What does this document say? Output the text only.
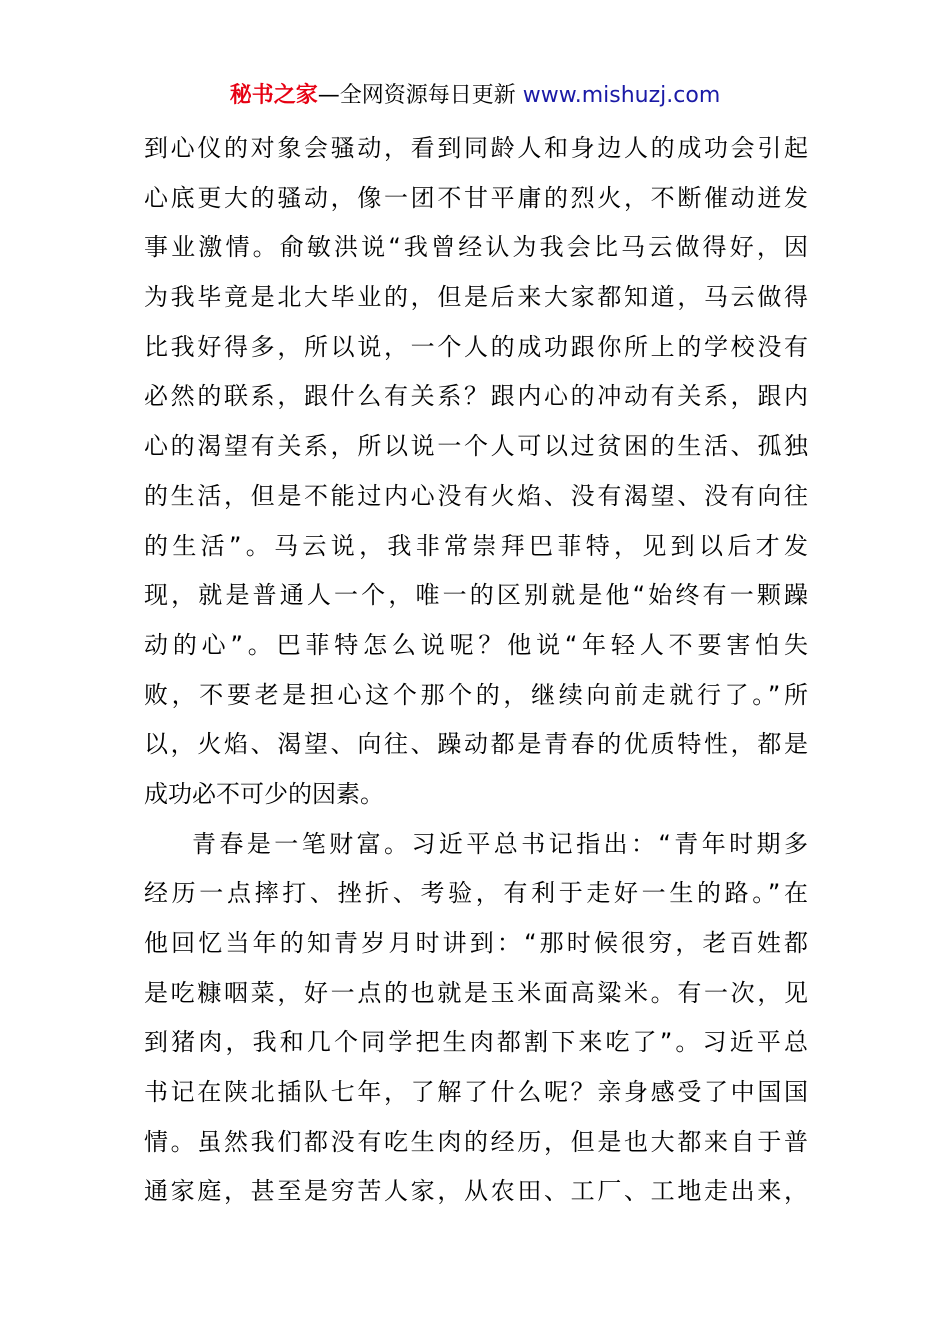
秘书之家—全网资源每日更新 www.mishuzj.com
到心仪的对象会骚动，看到同龄人和身边人的成功会引起
心底更大的骚动，像一团不甘平庸的烈火，不断催动迸发
事业激情。俞敏洪说“我曾经认为我会比马云做得好，因
为我毕竟是北大毕业的，但是后来大家都知道，马云做得
比我好得多，所以说，一个人的成功跟你所上的学校没有
必然的联系，跟什么有关系？跟内心的冲动有关系，跟内
心的渴望有关系，所以说一个人可以过贫困的生活、孤独
的生活，但是不能过内心没有火焰、没有渴望、没有向往
的生活”。马云说，我非常崇拜巴菲特，见到以后才发
现，就是普通人一个，唯一的区别就是他“始终有一颗躁
动的心”。巴菲特怎么说呢？他说“年轻人不要害怕失
败，不要老是担心这个那个的，继续向前走就行了。”所
以，火焰、渴望、向往、躁动都是青春的优质特性，都是
成功必不可少的因素。
青春是一笔财富。习近平总书记指出：“青年时期多
经历一点摔打、挫折、考验，有利于走好一生的路。”在
他回忆当年的知青岁月时讲到：“那时候很穷，老百姓都
是吃糠咽菜，好一点的也就是玉米面高粱米。有一次，见
到猪肉，我和几个同学把生肉都割下来吃了”。习近平总
书记在陕北插队七年，了解了什么呢？亲身感受了中国国
情。虽然我们都没有吃生肉的经历，但是也大都来自于普
通家庭，甚至是穷苦人家，从农田、工厂、工地走出来，
